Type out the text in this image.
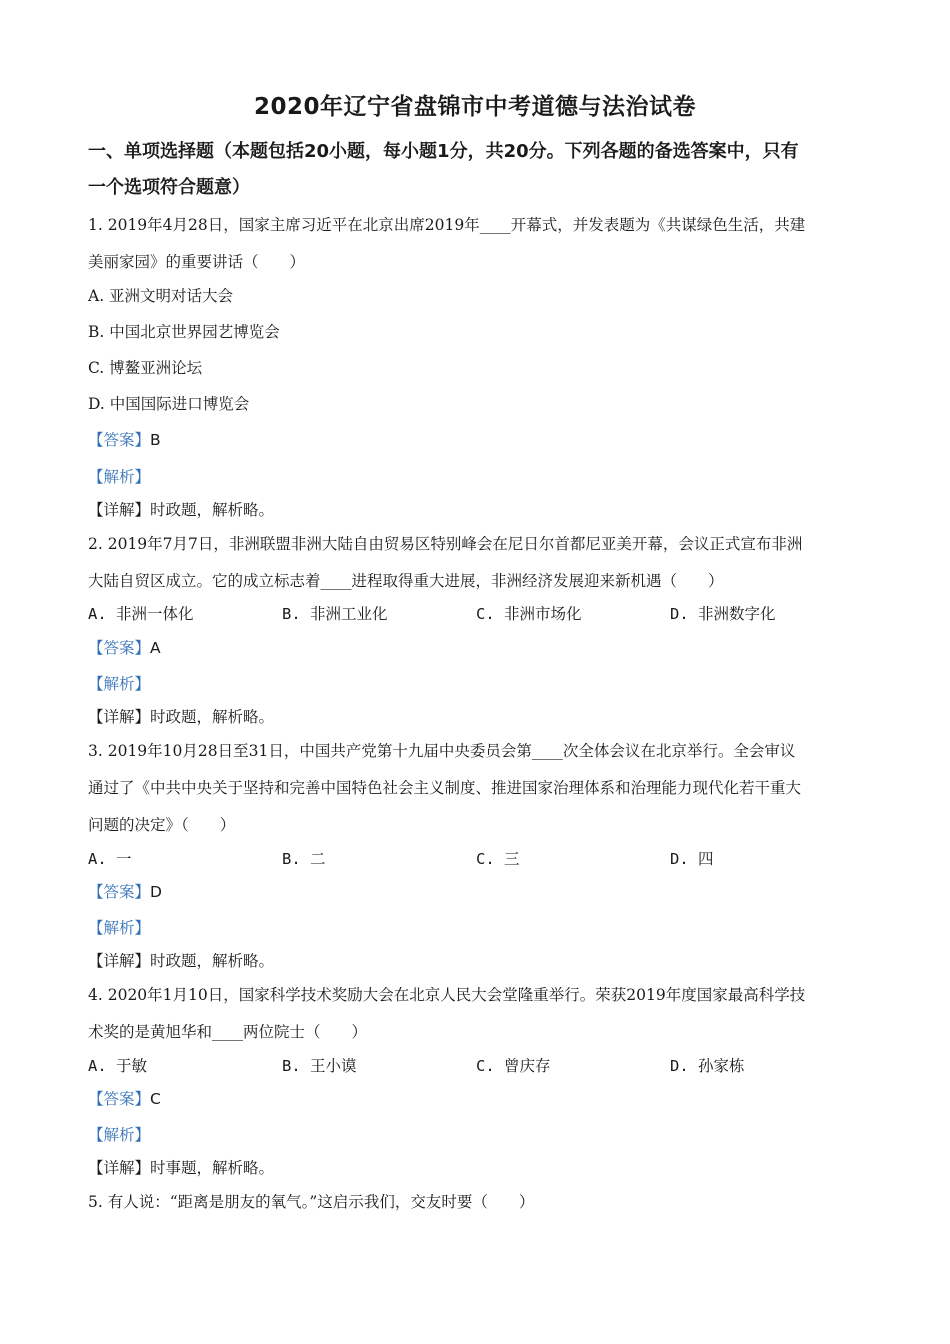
2020年辽宁省盘锦市中考道德与法治试卷
一、单项选择题（本题包括20小题，每小题1分，共20分。下列各题的备选答案中，只有
一个选项符合题意）
1. 2019年4月28日，国家主席习近平在北京出席2019年____开幕式，并发表题为《共谋绿色生活，共建
美丽家园》的重要讲话（　　）
A. 亚洲文明对话大会
B. 中国北京世界园艺博览会
C. 博鳌亚洲论坛
D. 中国国际进口博览会
【答案】B
【解析】
【详解】时政题，解析略。
2. 2019年7月7日，非洲联盟非洲大陆自由贸易区特别峰会在尼日尔首都尼亚美开幕，会议正式宣布非洲
大陆自贸区成立。它的成立标志着____进程取得重大进展，非洲经济发展迎来新机遇（　　）
A. 非洲一体化	B. 非洲工业化	C. 非洲市场化	D. 非洲数字化
【答案】A
【解析】
【详解】时政题，解析略。
3. 2019年10月28日至31日，中国共产党第十九届中央委员会第____次全体会议在北京举行。全会审议
通过了《中共中央关于坚持和完善中国特色社会主义制度、推进国家治理体系和治理能力现代化若干重大
问题的决定》（　　）
A. 一	B. 二	C. 三	D. 四
【答案】D
【解析】
【详解】时政题，解析略。
4. 2020年1月10日，国家科学技术奖励大会在北京人民大会堂隆重举行。荣获2019年度国家最高科学技
术奖的是黄旭华和____两位院士（　　）
A. 于敏	B. 王小谟	C. 曾庆存	D. 孙家栋
【答案】C
【解析】
【详解】时事题，解析略。
5. 有人说：“距离是朋友的氧气。”这启示我们，交友时要（　　）
